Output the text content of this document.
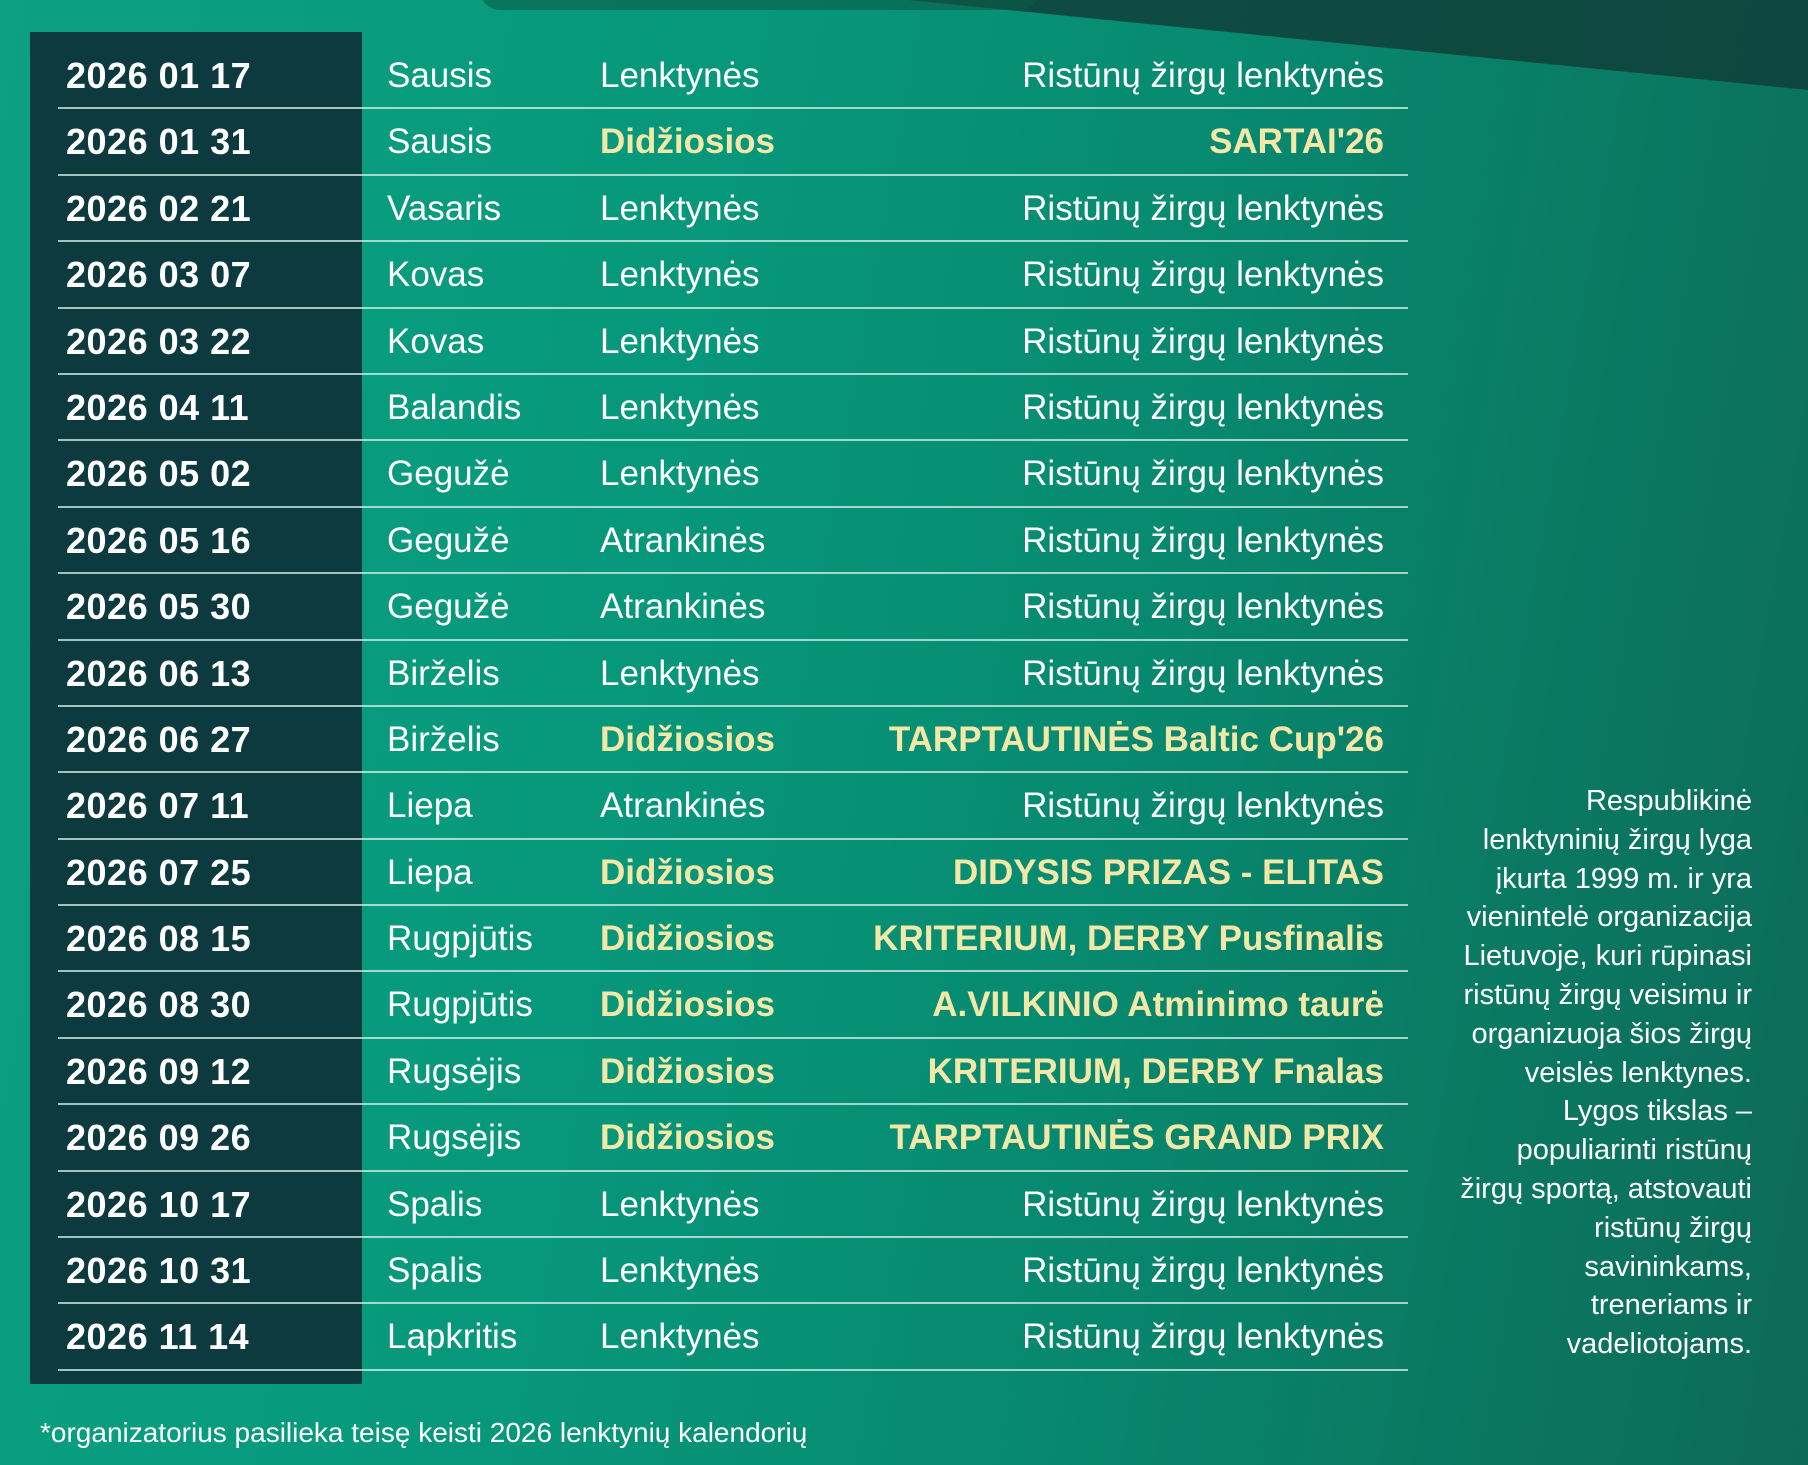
2026 01 17	Sausis	Lenktynės	Ristūnų žirgų lenktynės
2026 01 31	Sausis	Didžiosios	SARTAI'26
2026 02 21	Vasaris	Lenktynės	Ristūnų žirgų lenktynės
2026 03 07	Kovas	Lenktynės	Ristūnų žirgų lenktynės
2026 03 22	Kovas	Lenktynės	Ristūnų žirgų lenktynės
2026 04 11	Balandis Lenktynės	Ristūnų žirgų lenktynės
2026 05 02	Gegužė	Lenktynės	Ristūnų žirgų lenktynės
2026 05 16	Gegužė	Atrankinės	Ristūnų žirgų lenktynės
2026 05 30	Gegužė	Atrankinės	Ristūnų žirgų lenktynės
2026 06 13	Birželis	Lenktynės	Ristūnų žirgų lenktynės
2026 06 27	Birželis	Didžiosios	TARPTAUTINĖS Baltic Cup'26
2026 07 11	Liepa	Atrankinės	Ristūnų žirgų lenktynės
2026 07 25	Liepa	Didžiosios	DIDYSIS PRIZAS - ELITAS
2026 08 15	Rugpjūtis Didžiosios	KRITERIUM, DERBY Pusfinalis
2026 08 30	Rugpjūtis Didžiosios	A.VILKINIO Atminimo taurė
2026 09 12	Rugsėjis Didžiosios	KRITERIUM, DERBY Fnalas
2026 09 26	Rugsėjis Didžiosios	TARPTAUTINĖS GRAND PRIX
2026 10 17	Spalis	Lenktynės	Ristūnų žirgų lenktynės
2026 10 31	Spalis	Lenktynės	Ristūnų žirgų lenktynės
2026 11 14	Lapkritis Lenktynės	Ristūnų žirgų lenktynės
Respublikinė
lenktyninių žirgų lyga
įkurta 1999 m. ir yra
vienintelė organizacija
Lietuvoje, kuri rūpinasi
ristūnų žirgų veisimu ir
organizuoja šios žirgų
veislės lenktynes.
Lygos tikslas –
populiarinti ristūnų
žirgų sportą, atstovauti
ristūnų žirgų
savininkams,
treneriams ir
vadeliotojams.
*organizatorius pasilieka teisę keisti 2026 lenktynių kalendorių
